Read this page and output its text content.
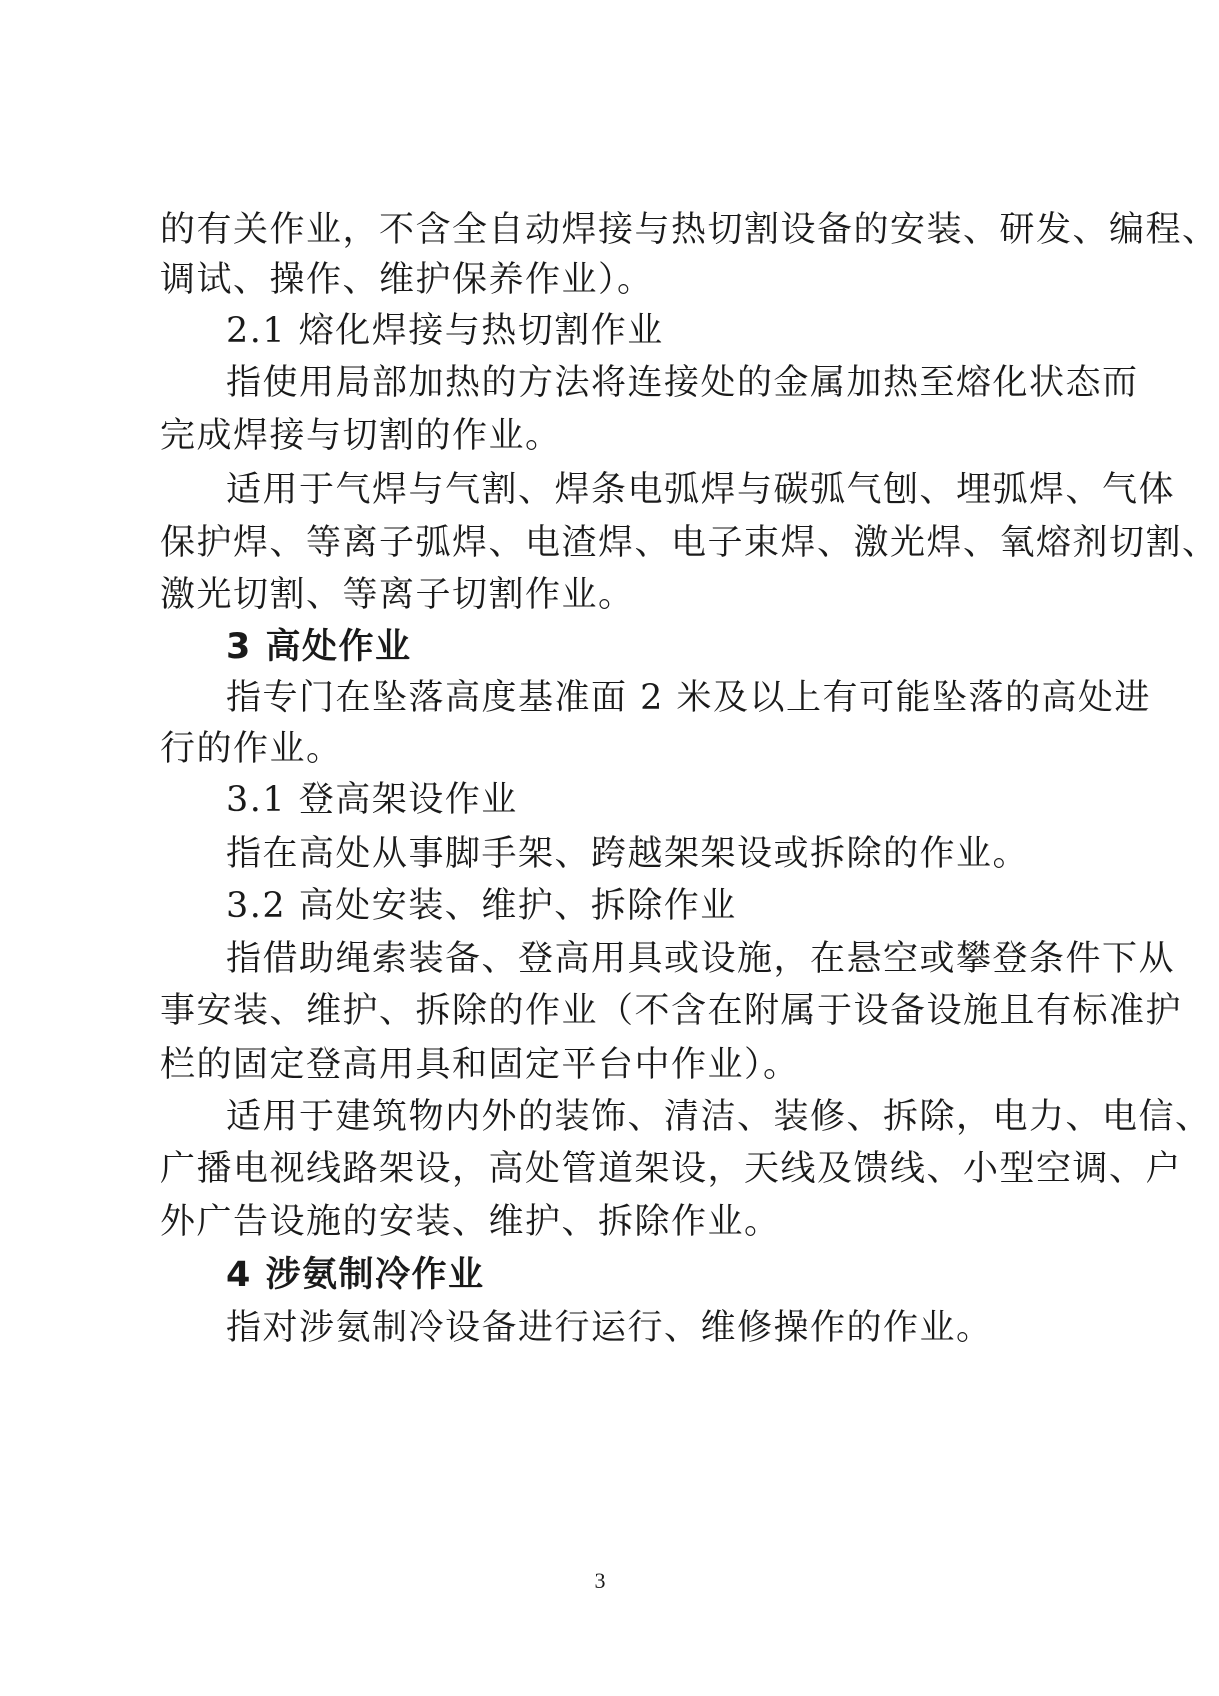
的有关作业，不含全自动焊接与热切割设备的安装、研发、编程、
调试、操作、维护保养作业）。
2.1 熔化焊接与热切割作业
指使用局部加热的方法将连接处的金属加热至熔化状态而
完成焊接与切割的作业。
适用于气焊与气割、焊条电弧焊与碳弧气刨、埋弧焊、气体
保护焊、等离子弧焊、电渣焊、电子束焊、激光焊、氧熔剂切割、
激光切割、等离子切割作业。
3 高处作业
指专门在坠落高度基准面 2 米及以上有可能坠落的高处进
行的作业。
3.1 登高架设作业
指在高处从事脚手架、跨越架架设或拆除的作业。
3.2 高处安装、维护、拆除作业
指借助绳索装备、登高用具或设施，在悬空或攀登条件下从
事安装、维护、拆除的作业（不含在附属于设备设施且有标准护
栏的固定登高用具和固定平台中作业）。
适用于建筑物内外的装饰、清洁、装修、拆除，电力、电信、
广播电视线路架设，高处管道架设，天线及馈线、小型空调、户
外广告设施的安装、维护、拆除作业。
4 涉氨制冷作业
指对涉氨制冷设备进行运行、维修操作的作业。
3
